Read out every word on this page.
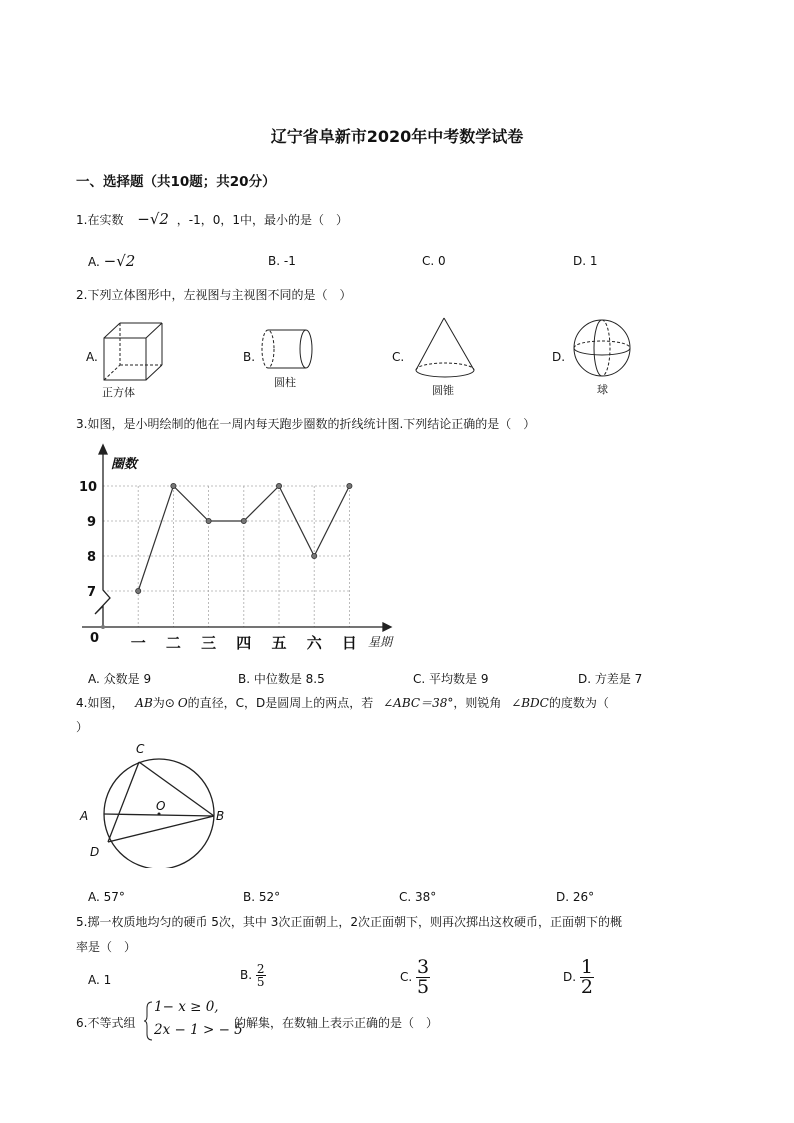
辽宁省阜新市2020年中考数学试卷
一、选择题（共10题；共20分）
1.在实数 −√2 ，-1，0，1中，最小的是（　）
A. −√2	B. -1	C. 0	D. 1
2.下列立体图形中，左视图与主视图不同的是（　）
A.
正方体
B.
圆柱
C.
圆锥
D.
球
3.如图，是小明绘制的他在一周内每天跑步圈数的折线统计图.下列结论正确的是（　）
圈数
星期
0
7
8
9
10
一 二 三 四 五 六 日
A. 众数是 9	B. 中位数是 8.5	C. 平均数是 9	D. 方差是 7
4.如图， AB为⊙ O的直径，C，D是圆周上的两点，若 ∠ABC＝38°，则锐角 ∠BDC的度数为（
）
A	B
C
D
O
A. 57°	B. 52°	C. 38°	D. 26°
5.掷一枚质地均匀的硬币 5次，其中 3次正面朝上，2次正面朝下，则再次掷出这枚硬币，正面朝下的概
率是（　）
A. 1	B. $\frac{2}{5}$	C. $\frac{3}{5}$	D. $\frac{1}{2}$
6.不等式组
1− x ≥ 0,
2x − 1 > − 5
的解集，在数轴上表示正确的是（　）
